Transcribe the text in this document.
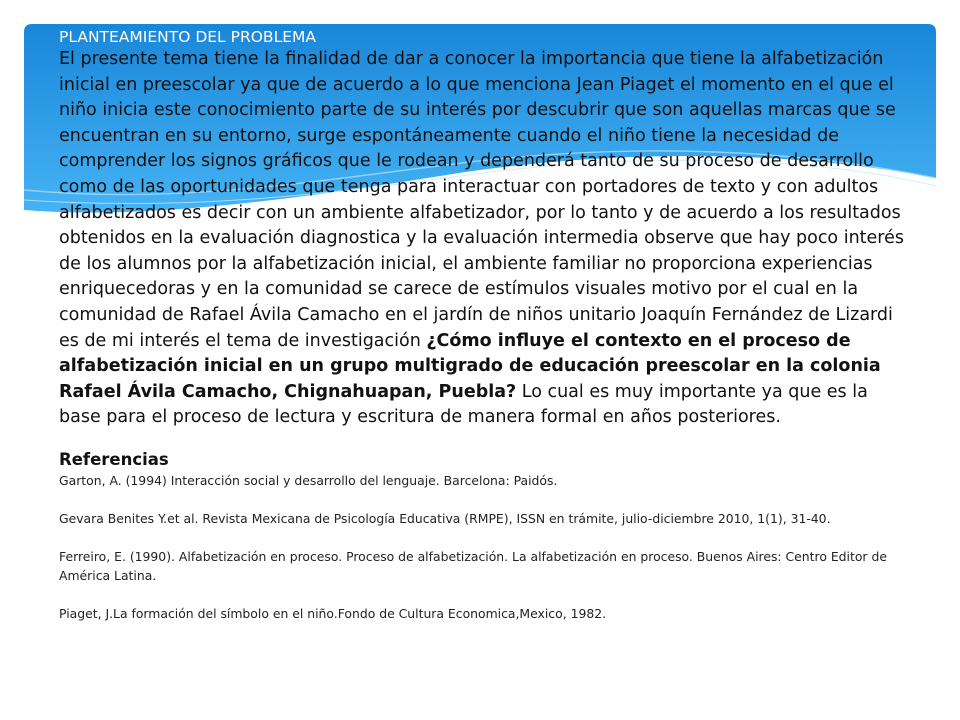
PLANTEAMIENTO DEL PROBLEMA

El presente tema tiene la finalidad de dar a conocer la importancia que tiene la alfabetización inicial en preescolar ya que de acuerdo a lo que menciona Jean Piaget el momento en el que el niño inicia este conocimiento parte de su interés por descubrir que son aquellas marcas que se encuentran en su entorno, surge espontáneamente cuando el niño tiene la necesidad de comprender los signos gráficos que le rodean y dependerá tanto de su proceso de desarrollo como de las oportunidades que tenga para interactuar con portadores de texto y con adultos alfabetizados es decir con un ambiente alfabetizador, por lo tanto y de acuerdo a los resultados obtenidos en la evaluación diagnostica y la evaluación intermedia observe que hay poco interés de los alumnos por la alfabetización inicial, el ambiente familiar no proporciona experiencias enriquecedoras y en la comunidad se carece de estímulos visuales motivo por el cual en la comunidad de Rafael Ávila Camacho en el jardín de niños unitario Joaquín Fernández de Lizardi es de mi interés el tema de investigación ¿Cómo influye el contexto en el proceso de alfabetización inicial en un grupo multigrado de educación preescolar en la colonia Rafael Ávila Camacho, Chignahuapan, Puebla? Lo cual es muy importante ya que es la base para el proceso de lectura y escritura de manera formal en años posteriores.

Referencias

Garton, A. (1994) Interacción social y desarrollo del lenguaje. Barcelona: Paidós.

Gevara Benites Y.et al. Revista Mexicana de Psicología Educativa (RMPE), ISSN en trámite, julio-diciembre 2010, 1(1), 31-40.

Ferreiro, E. (1990). Alfabetización en proceso. Proceso de alfabetización. La alfabetización en proceso. Buenos Aires: Centro Editor de América Latina.

Piaget, J.La formación del símbolo en el niño.Fondo de Cultura Economica,Mexico, 1982.
